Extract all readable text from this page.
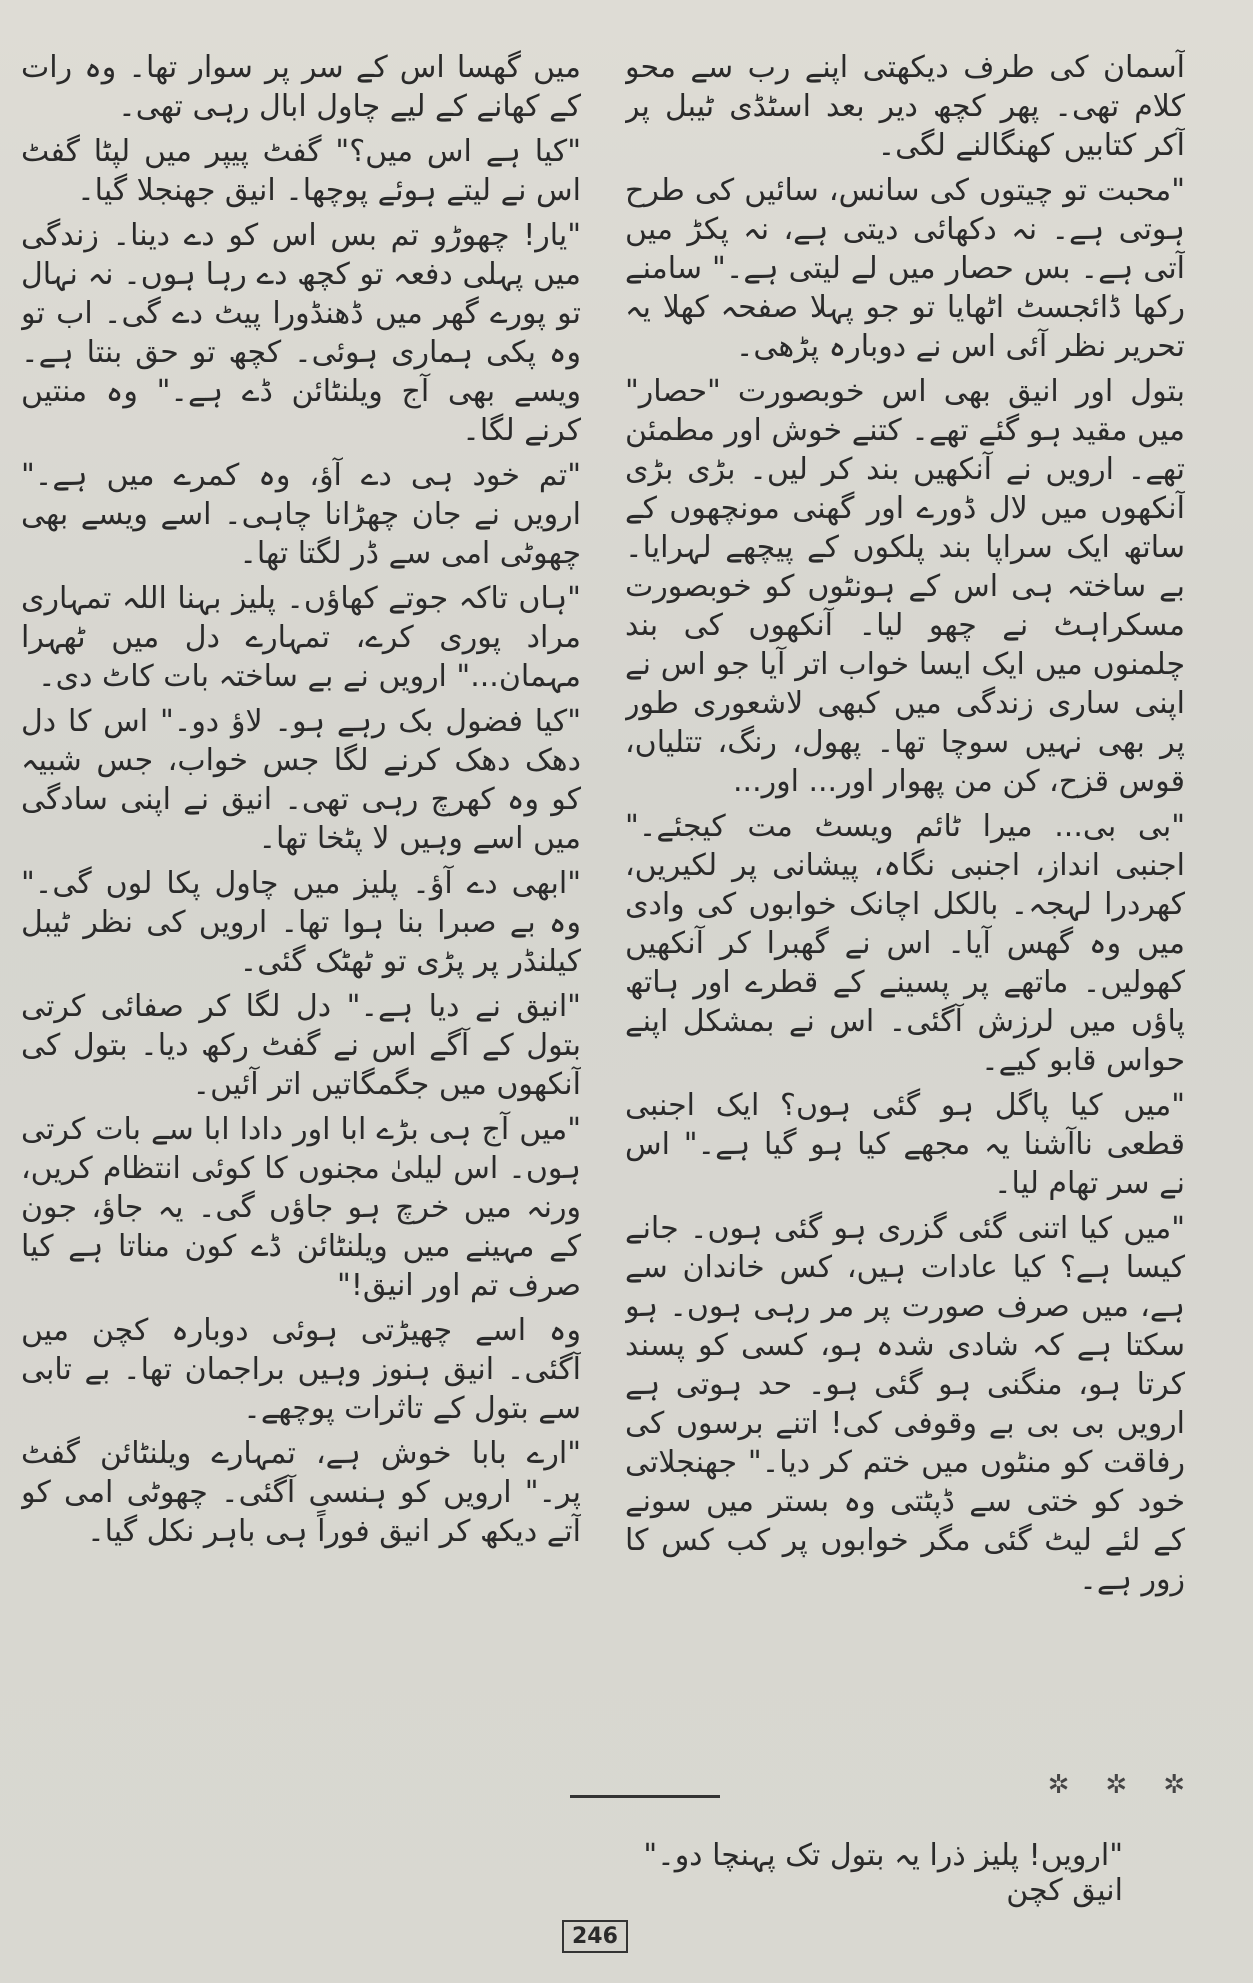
آسمان کی طرف دیکھتی اپنے رب سے محو کلام تھی۔ پھر کچھ دیر بعد اسٹڈی ٹیبل پر آکر کتابیں کھنگالنے لگی۔

"محبت تو چیتوں کی سانس، سائیں کی طرح ہوتی ہے۔ نہ دکھائی دیتی ہے، نہ پکڑ میں آتی ہے۔ بس حصار میں لے لیتی ہے۔" سامنے رکھا ڈائجسٹ اٹھایا تو جو پہلا صفحہ کھلا یہ تحریر نظر آئی اس نے دوبارہ پڑھی۔

بتول اور انیق بھی اس خوبصورت "حصار" میں مقید ہو گئے تھے۔ کتنے خوش اور مطمئن تھے۔ ارویں نے آنکھیں بند کر لیں۔ بڑی بڑی آنکھوں میں لال ڈورے اور گھنی مونچھوں کے ساتھ ایک سراپا بند پلکوں کے پیچھے لہرایا۔ بے ساختہ ہی اس کے ہونٹوں کو خوبصورت مسکراہٹ نے چھو لیا۔ آنکھوں کی بند چلمنوں میں ایک ایسا خواب اتر آیا جو اس نے اپنی ساری زندگی میں کبھی لاشعوری طور پر بھی نہیں سوچا تھا۔ پھول، رنگ، تتلیاں، قوس قزح، کن من پھوار اور... اور...

"بی بی... میرا ٹائم ویسٹ مت کیجئے۔" اجنبی انداز، اجنبی نگاہ، پیشانی پر لکیریں، کھردرا لہجہ۔ بالکل اچانک خوابوں کی وادی میں وہ گھس آیا۔ اس نے گھبرا کر آنکھیں کھولیں۔ ماتھے پر پسینے کے قطرے اور ہاتھ پاؤں میں لرزش آگئی۔ اس نے بمشکل اپنے حواس قابو کیے۔

"میں کیا پاگل ہو گئی ہوں؟ ایک اجنبی قطعی ناآشنا یہ مجھے کیا ہو گیا ہے۔" اس نے سر تھام لیا۔

"میں کیا اتنی گئی گزری ہو گئی ہوں۔ جانے کیسا ہے؟ کیا عادات ہیں، کس خاندان سے ہے، میں صرف صورت پر مر رہی ہوں۔ ہو سکتا ہے کہ شادی شدہ ہو، کسی کو پسند کرتا ہو، منگنی ہو گئی ہو۔ حد ہوتی ہے ارویں بی بی بے وقوفی کی! اتنے برسوں کی رفاقت کو منٹوں میں ختم کر دیا۔" جھنجلاتی خود کو ختی سے ڈپٹتی وہ بستر میں سونے کے لئے لیٹ گئی مگر خوابوں پر کب کس کا زور ہے۔

میں گھسا اس کے سر پر سوار تھا۔ وہ رات کے کھانے کے لیے چاول ابال رہی تھی۔

"کیا ہے اس میں؟" گفٹ پیپر میں لپٹا گفٹ اس نے لیتے ہوئے پوچھا۔ انیق جھنجلا گیا۔

"یار! چھوڑو تم بس اس کو دے دینا۔ زندگی میں پہلی دفعہ تو کچھ دے رہا ہوں۔ نہ نہال تو پورے گھر میں ڈھنڈورا پیٹ دے گی۔ اب تو وہ پکی ہماری ہوئی۔ کچھ تو حق بنتا ہے۔ ویسے بھی آج ویلنٹائن ڈے ہے۔" وہ منتیں کرنے لگا۔

"تم خود ہی دے آؤ، وہ کمرے میں ہے۔" ارویں نے جان چھڑانا چاہی۔ اسے ویسے بھی چھوٹی امی سے ڈر لگتا تھا۔

"ہاں تاکہ جوتے کھاؤں۔ پلیز بہنا اللہ تمہاری مراد پوری کرے، تمہارے دل میں ٹھہرا مہمان..." ارویں نے بے ساختہ بات کاٹ دی۔

"کیا فضول بک رہے ہو۔ لاؤ دو۔" اس کا دل دھک دھک کرنے لگا جس خواب، جس شبیہ کو وہ کھرچ رہی تھی۔ انیق نے اپنی سادگی میں اسے وہیں لا پٹخا تھا۔

"ابھی دے آؤ۔ پلیز میں چاول پکا لوں گی۔" وہ بے صبرا بنا ہوا تھا۔ ارویں کی نظر ٹیبل کیلنڈر پر پڑی تو ٹھٹک گئی۔

"انیق نے دیا ہے۔" دل لگا کر صفائی کرتی بتول کے آگے اس نے گفٹ رکھ دیا۔ بتول کی آنکھوں میں جگمگاتیں اتر آئیں۔

"میں آج ہی بڑے ابا اور دادا ابا سے بات کرتی ہوں۔ اس لیلیٰ مجنوں کا کوئی انتظام کریں، ورنہ میں خرچ ہو جاؤں گی۔ یہ جاؤ، جون کے مہینے میں ویلنٹائن ڈے کون مناتا ہے کیا صرف تم اور انیق!"

وہ اسے چھیڑتی ہوئی دوبارہ کچن میں آگئی۔ انیق ہنوز وہیں براجمان تھا۔ بے تابی سے بتول کے تاثرات پوچھے۔

"ارے بابا خوش ہے، تمہارے ویلنٹائن گفٹ پر۔" ارویں کو ہنسی آگئی۔ چھوٹی امی کو آتے دیکھ کر انیق فوراً ہی باہر نکل گیا۔

✲ ✲ ✲
"ارویں! پلیز ذرا یہ بتول تک پہنچا دو۔" انیق کچن
246
